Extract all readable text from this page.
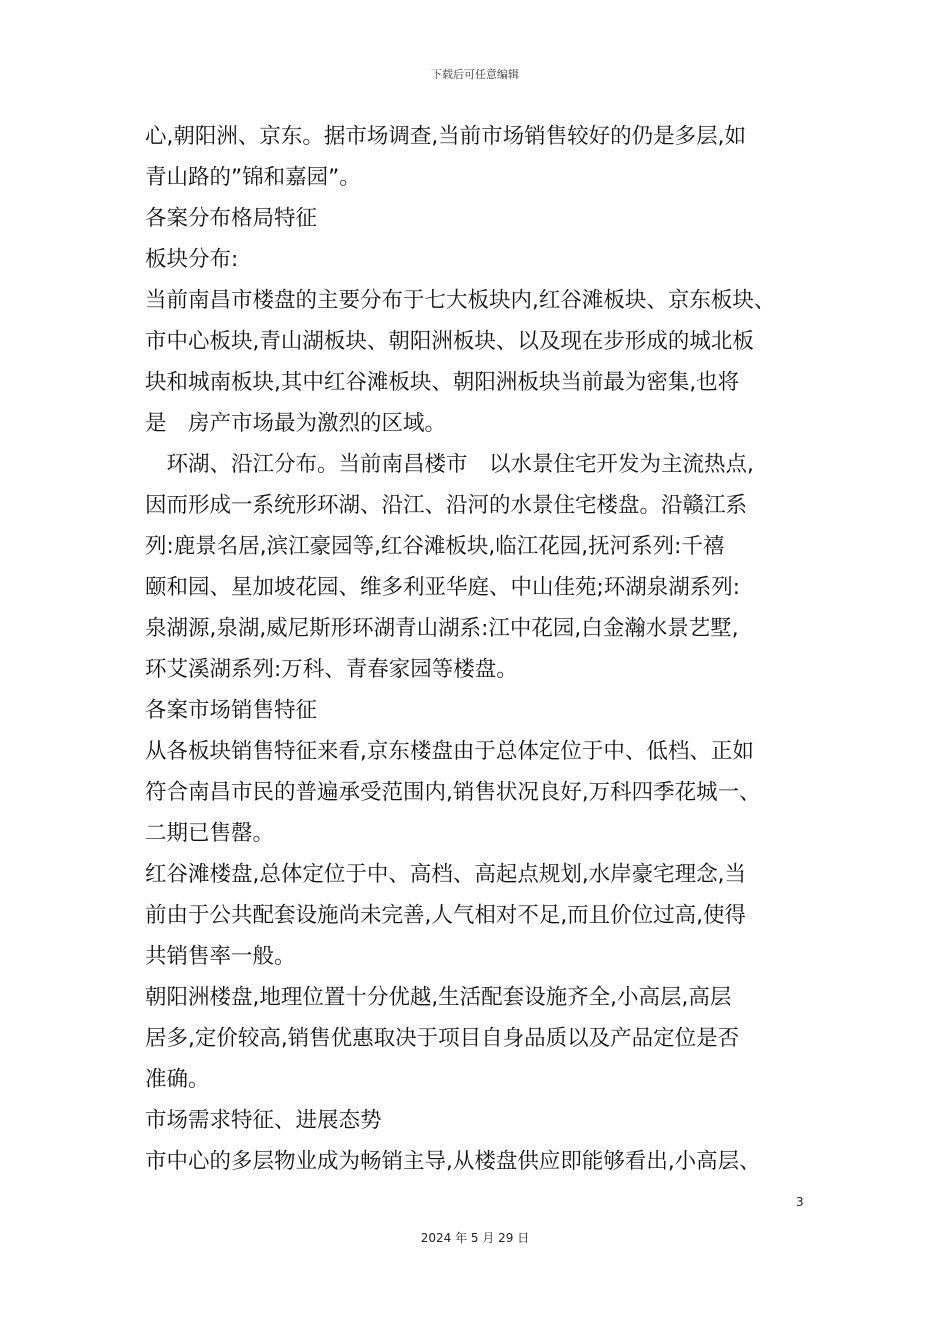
下载后可任意编辑
心,朝阳洲、京东。据市场调查,当前市场销售较好的仍是多层,如
青山路的”锦和嘉园”。
各案分布格局特征
板块分布:
当前南昌市楼盘的主要分布于七大板块内,红谷滩板块、京东板块、
市中心板块,青山湖板块、朝阳洲板块、以及现在步形成的城北板
块和城南板块,其中红谷滩板块、朝阳洲板块当前最为密集,也将
是　房产市场最为激烈的区域。
　环湖、沿江分布。当前南昌楼市　以水景住宅开发为主流热点,
因而形成一系统形环湖、沿江、沿河的水景住宅楼盘。沿赣江系
列:鹿景名居,滨江豪园等,红谷滩板块,临江花园,抚河系列:千禧
颐和园、星加坡花园、维多利亚华庭、中山佳苑;环湖泉湖系列:
泉湖源,泉湖,威尼斯形环湖青山湖系:江中花园,白金瀚水景艺墅,
环艾溪湖系列:万科、青春家园等楼盘。
各案市场销售特征
从各板块销售特征来看,京东楼盘由于总体定位于中、低档、正如
符合南昌市民的普遍承受范围内,销售状况良好,万科四季花城一、
二期已售罄。
红谷滩楼盘,总体定位于中、高档、高起点规划,水岸豪宅理念,当
前由于公共配套设施尚未完善,人气相对不足,而且价位过高,使得
共销售率一般。
朝阳洲楼盘,地理位置十分优越,生活配套设施齐全,小高层,高层
居多,定价较高,销售优惠取决于项目自身品质以及产品定位是否
准确。
市场需求特征、进展态势
市中心的多层物业成为畅销主导,从楼盘供应即能够看出,小高层、
3
2024 年 5 月 29 日
